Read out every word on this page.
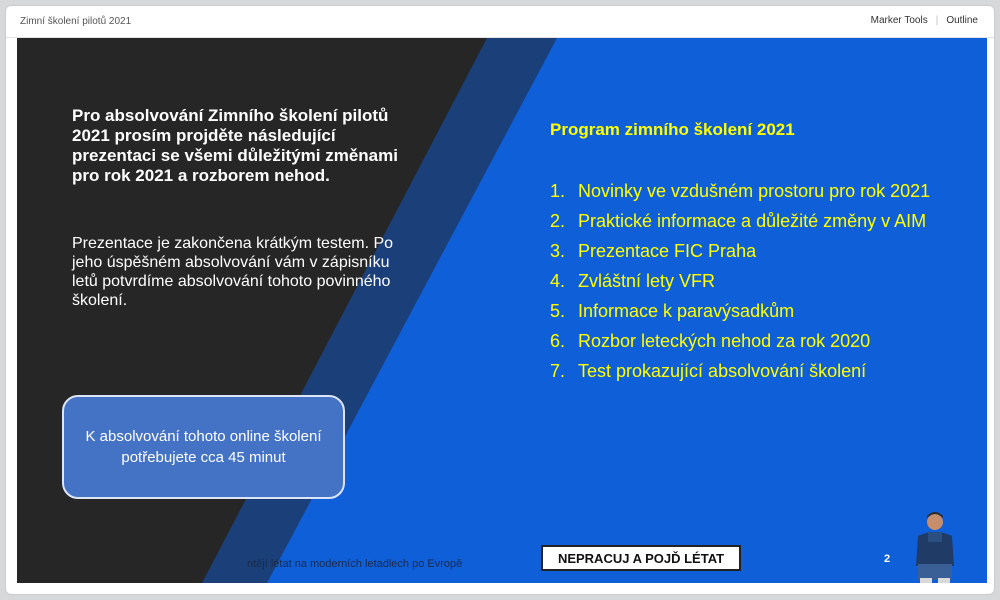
Zimní školení pilotů 2021	Marker Tools | Outline
Pro absolvování Zimního školení pilotů 2021 prosím projděte následující prezentaci se všemi důležitými změnami pro rok 2021 a rozborem nehod.
Prezentace je zakončena krátkým testem. Po jeho úspěšném absolvování vám v zápisníku letů potvrdíme absolvování tohoto povinného školení.
K absolvování tohoto online školení potřebujete cca 45 minut
Program zimního školení 2021
1. Novinky ve vzdušném prostoru pro rok 2021
2. Praktické informace a důležité změny v AIM
3. Prezentace FIC Praha
4. Zvláštní lety VFR
5. Informace k paravýsadkům
6. Rozbor leteckých nehod za rok 2020
7. Test prokazující absolvování školení
ntějí létat na moderních letadlech po Evropě	NEPRACUJ A POJĎ LÉTAT	2
